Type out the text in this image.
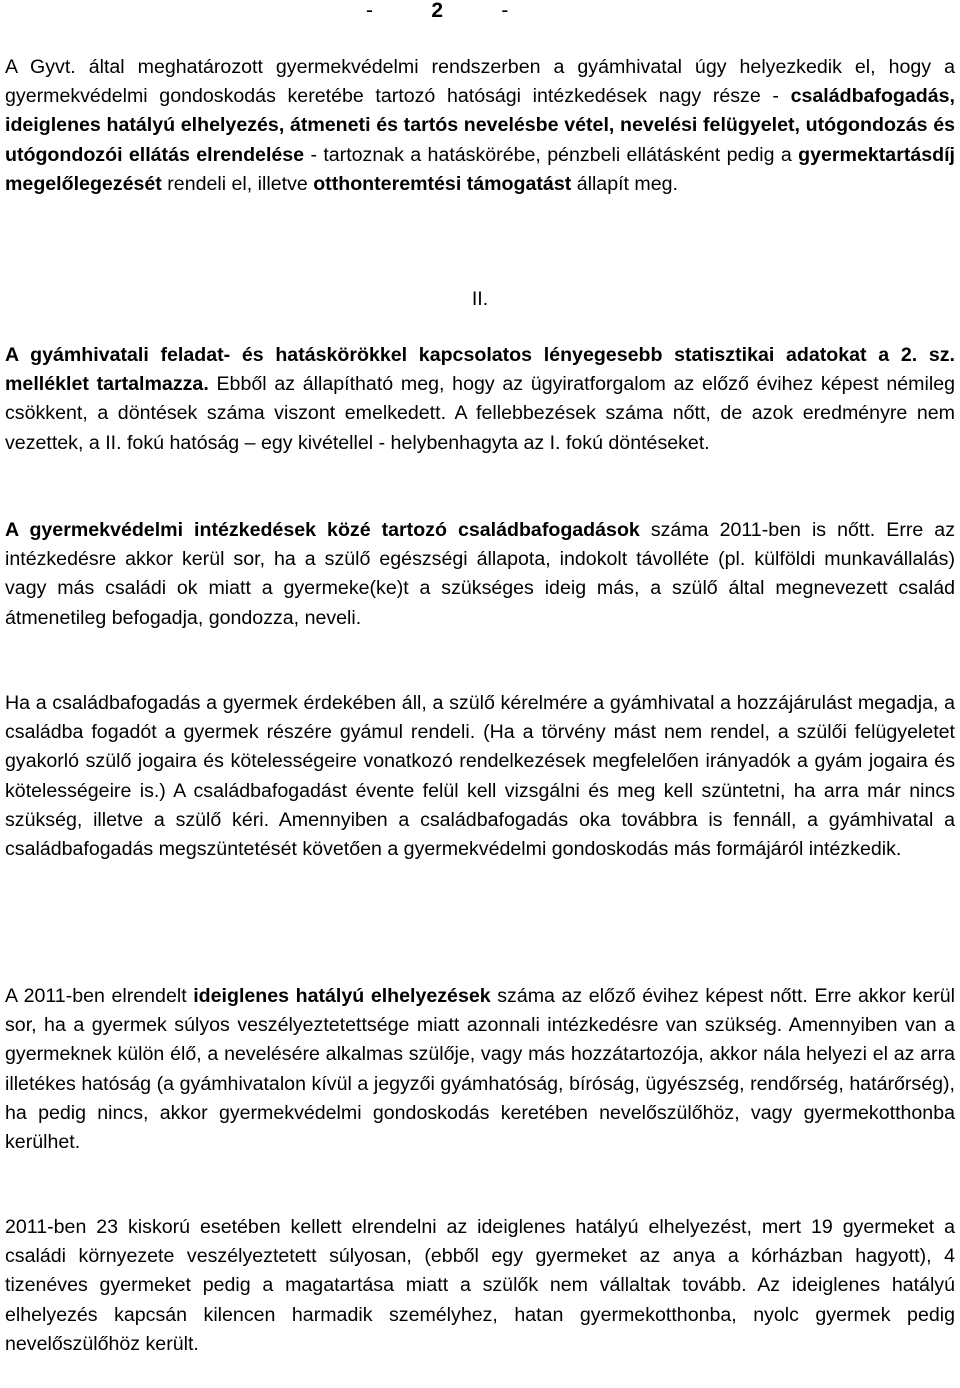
-	2	-

A Gyvt. által meghatározott gyermekvédelmi rendszerben a gyámhivatal úgy helyezkedik el, hogy a gyermekvédelmi gondoskodás keretébe tartozó hatósági intézkedések nagy része - családbafogadás, ideiglenes hatályú elhelyezés, átmeneti és tartós nevelésbe vétel, nevelési felügyelet, utógondozás és utógondozói ellátás elrendelése - tartoznak a hatáskörébe, pénzbeli ellátásként pedig a gyermektartásdíj megelőlegezését rendeli el, illetve otthonteremtési támogatást állapít meg.

II.

A gyámhivatali feladat- és hatáskörökkel kapcsolatos lényegesebb statisztikai adatokat a 2. sz. melléklet tartalmazza. Ebből az állapítható meg, hogy az ügyiratforgalom az előző évihez képest némileg csökkent, a döntések száma viszont emelkedett. A fellebbezések száma nőtt, de azok eredményre nem vezettek, a II. fokú hatóság – egy kivétellel - helybenhagyta az I. fokú döntéseket.

A gyermekvédelmi intézkedések közé tartozó családbafogadások száma 2011-ben is nőtt. Erre az intézkedésre akkor kerül sor, ha a szülő egészségi állapota, indokolt távolléte (pl. külföldi munkavállalás) vagy más családi ok miatt a gyermeke(ke)t a szükséges ideig más, a szülő által megnevezett család átmenetileg befogadja, gondozza, neveli.

Ha a családbafogadás a gyermek érdekében áll, a szülő kérelmére a gyámhivatal a hozzájárulást megadja, a családba fogadót a gyermek részére gyámul rendeli. (Ha a törvény mást nem rendel, a szülői felügyeletet gyakorló szülő jogaira és kötelességeire vonatkozó rendelkezések megfelelően irányadók a gyám jogaira és kötelességeire is.) A családbafogadást évente felül kell vizsgálni és meg kell szüntetni, ha arra már nincs szükség, illetve a szülő kéri. Amennyiben a családbafogadás oka továbbra is fennáll, a gyámhivatal a családbafogadás megszüntetését követően a gyermekvédelmi gondoskodás más formájáról intézkedik.

A 2011-ben elrendelt ideiglenes hatályú elhelyezések száma az előző évihez képest nőtt. Erre akkor kerül sor, ha a gyermek súlyos veszélyeztetettsége miatt azonnali intézkedésre van szükség. Amennyiben van a gyermeknek külön élő, a nevelésére alkalmas szülője, vagy más hozzátartozója, akkor nála helyezi el az arra illetékes hatóság (a gyámhivatalon kívül a jegyzői gyámhatóság, bíróság, ügyészség, rendőrség, határőrség), ha pedig nincs, akkor gyermekvédelmi gondoskodás keretében nevelőszülőhöz, vagy gyermekotthonba kerülhet.

2011-ben 23 kiskorú esetében kellett elrendelni az ideiglenes hatályú elhelyezést, mert 19 gyermeket a családi környezete veszélyeztetett súlyosan, (ebből egy gyermeket az anya a kórházban hagyott), 4 tizenéves gyermeket pedig a magatartása miatt a szülők nem vállaltak tovább. Az ideiglenes hatályú elhelyezés kapcsán kilencen harmadik személyhez, hatan gyermekotthonba, nyolc gyermek pedig nevelőszülőhöz került.
